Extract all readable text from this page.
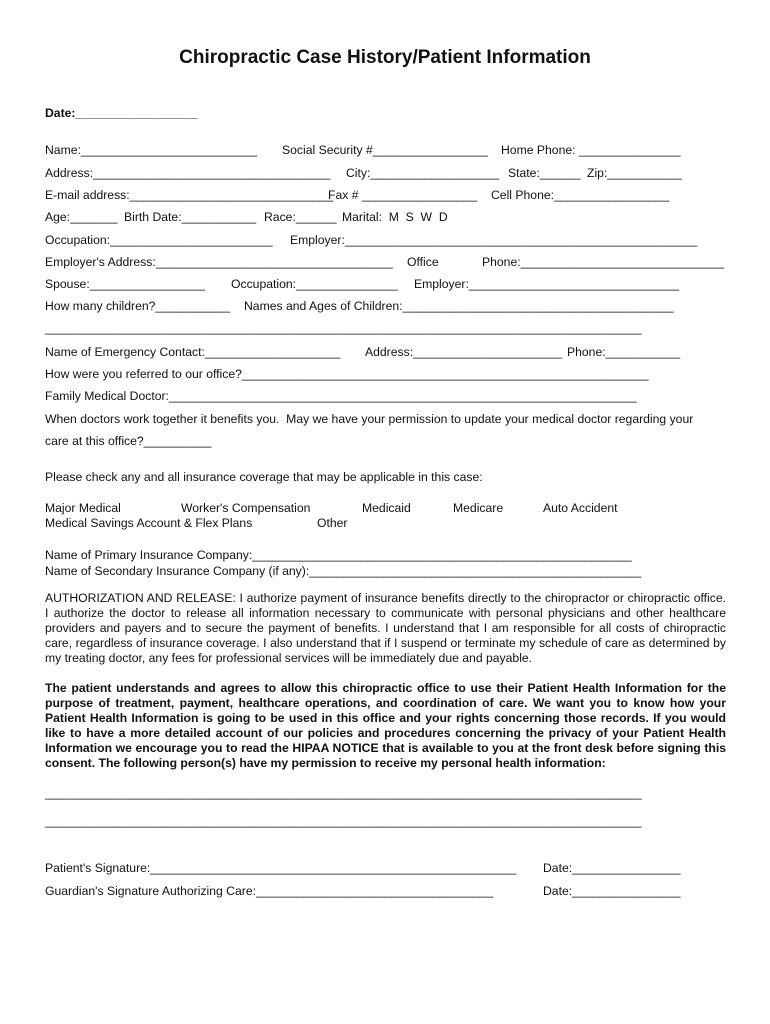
Chiropractic Case History/Patient Information
Date:__________________
Name:__________________________ Social Security #_________________ Home Phone: _______________
Address:___________________________________ City:___________________ State:______ Zip:___________
E-mail address:______________________________
Fax # _________________ Cell Phone:_________________
Age:_______ Birth Date:___________ Race:______ Marital:  M  S  W  D
Occupation:________________________ Employer:____________________________________________________
Employer's Address:___________________________________ Office	Phone:______________________________
Spouse:_________________ Occupation:_______________ Employer:_______________________________
How many children?___________ Names and Ages of Children:________________________________________
________________________________________________________________________________________
Name of Emergency Contact:____________________ Address:______________________ Phone:___________
How were you referred to our office?____________________________________________________________
Family Medical Doctor:_____________________________________________________________________
When doctors work together it benefits you.  May we have your permission to update your medical doctor regarding your
care at this office?__________
Please check any and all insurance coverage that may be applicable in this case:
Major Medical	Worker's Compensation	Medicaid	Medicare	Auto Accident
Medical Savings Account & Flex Plans	Other
Name of Primary Insurance Company:________________________________________________________
Name of Secondary Insurance Company (if any):_________________________________________________
AUTHORIZATION AND RELEASE: I authorize payment of insurance benefits directly to the chiropractor or chiropractic office. I authorize the doctor to release all information necessary to communicate with personal physicians and other healthcare providers and payers and to secure the payment of benefits. I understand that I am responsible for all costs of chiropractic care, regardless of insurance coverage. I also understand that if I suspend or terminate my schedule of care as determined by my treating doctor, any fees for professional services will be immediately due and payable.
The patient understands and agrees to allow this chiropractic office to use their Patient Health Information for the purpose of treatment, payment, healthcare operations, and coordination of care. We want you to know how your Patient Health Information is going to be used in this office and your rights concerning those records. If you would like to have a more detailed account of our policies and procedures concerning the privacy of your Patient Health Information we encourage you to read the HIPAA NOTICE that is available to you at the front desk before signing this consent. The following person(s) have my permission to receive my personal health information:
________________________________________________________________________________________
________________________________________________________________________________________
Patient's Signature:______________________________________________________ Date:________________
Guardian's Signature Authorizing Care:___________________________________	Date:________________
